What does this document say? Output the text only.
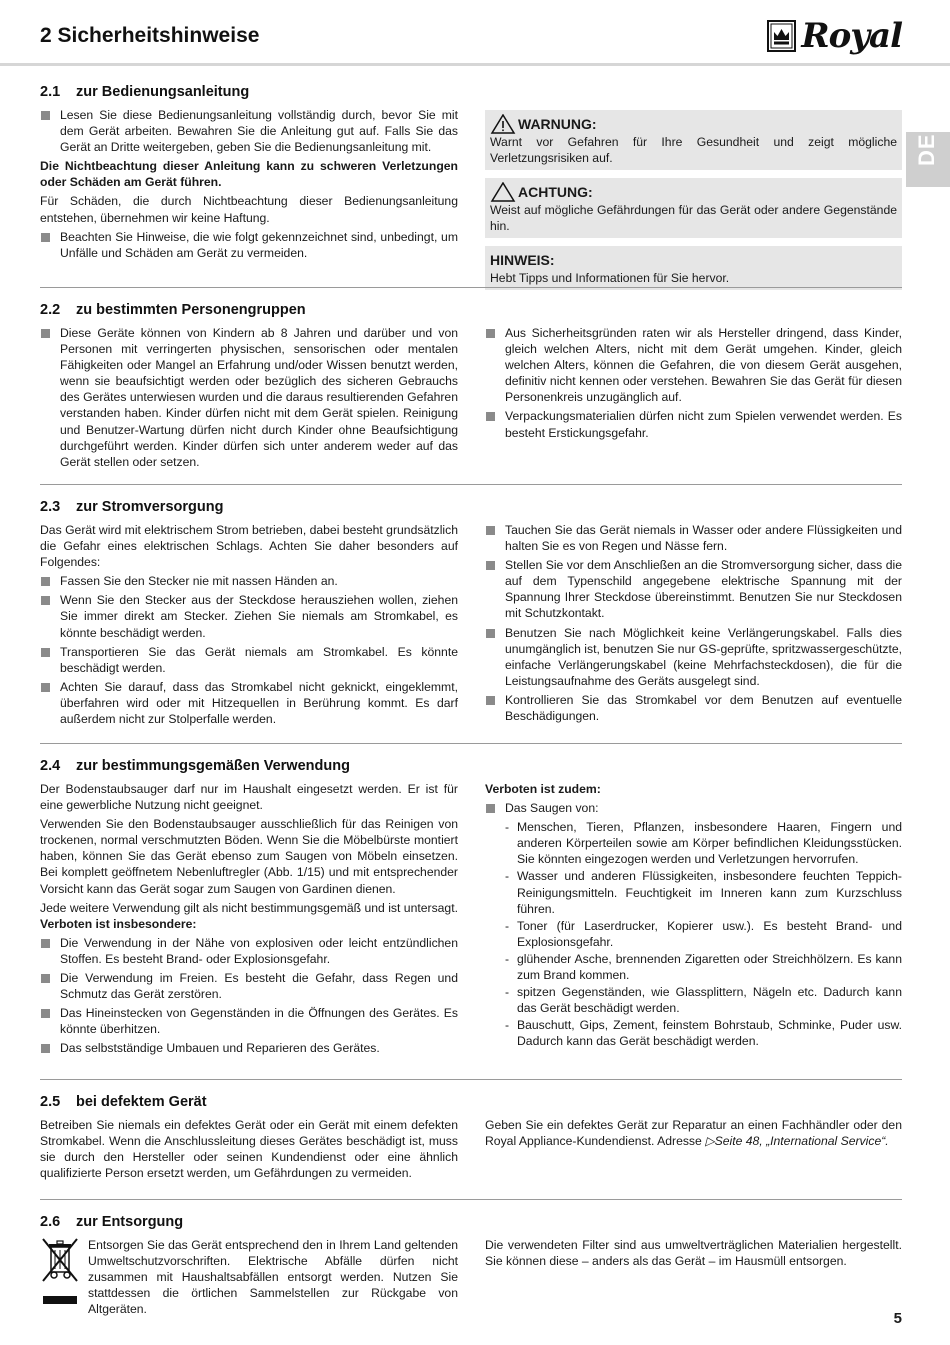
2 Sicherheitshinweise	Royal
DE
2.1 zur Bedienungsanleitung

Lesen Sie diese Bedienungsanleitung vollständig durch, bevor Sie mit dem Gerät arbeiten. Bewahren Sie die Anleitung gut auf. Falls Sie das Gerät an Dritte weitergeben, geben Sie die Bedienungsanleitung mit.

Die Nichtbeachtung dieser Anleitung kann zu schweren Verletzungen oder Schäden am Gerät führen.

Für Schäden, die durch Nichtbeachtung dieser Bedienungsanleitung entstehen, übernehmen wir keine Haftung.

Beachten Sie Hinweise, die wie folgt gekennzeichnet sind, unbedingt, um Unfälle und Schäden am Gerät zu vermeiden.

WARNUNG:

Warnt vor Gefahren für Ihre Gesundheit und zeigt mögliche Verletzungsrisiken auf.

ACHTUNG:

Weist auf mögliche Gefährdungen für das Gerät oder andere Gegenstände hin.

HINWEIS:

Hebt Tipps und Informationen für Sie hervor.

2.2 zu bestimmten Personengruppen

Diese Geräte können von Kindern ab 8 Jahren und darüber und von Personen mit verringerten physischen, sensorischen oder mentalen Fähigkeiten oder Mangel an Erfahrung und/oder Wissen benutzt werden, wenn sie beaufsichtigt werden oder bezüglich des sicheren Gebrauchs des Gerätes unterwiesen wurden und die daraus resultierenden Gefahren verstanden haben. Kinder dürfen nicht mit dem Gerät spielen. Reinigung und Benutzer-Wartung dürfen nicht durch Kinder ohne Beaufsichtigung durchgeführt werden. Kinder dürfen sich unter anderem weder auf das Gerät stellen oder setzen.

Aus Sicherheitsgründen raten wir als Hersteller dringend, dass Kinder, gleich welchen Alters, nicht mit dem Gerät umgehen. Kinder, gleich welchen Alters, können die Gefahren, die von diesem Gerät ausgehen, definitiv nicht kennen oder verstehen. Bewahren Sie das Gerät für diesen Personenkreis unzugänglich auf.

Verpackungsmaterialien dürfen nicht zum Spielen verwendet werden. Es besteht Erstickungsgefahr.

2.3 zur Stromversorgung

Das Gerät wird mit elektrischem Strom betrieben, dabei besteht grundsätzlich die Gefahr eines elektrischen Schlags. Achten Sie daher besonders auf Folgendes:

Fassen Sie den Stecker nie mit nassen Händen an.

Wenn Sie den Stecker aus der Steckdose herausziehen wollen, ziehen Sie immer direkt am Stecker. Ziehen Sie niemals am Stromkabel, es könnte beschädigt werden.

Transportieren Sie das Gerät niemals am Stromkabel. Es könnte beschädigt werden.

Achten Sie darauf, dass das Stromkabel nicht geknickt, eingeklemmt, überfahren wird oder mit Hitzequellen in Berührung kommt. Es darf außerdem nicht zur Stolperfalle werden.

Tauchen Sie das Gerät niemals in Wasser oder andere Flüssigkeiten und halten Sie es von Regen und Nässe fern.

Stellen Sie vor dem Anschließen an die Stromversorgung sicher, dass die auf dem Typenschild angegebene elektrische Spannung mit der Spannung Ihrer Steckdose übereinstimmt. Benutzen Sie nur Steckdosen mit Schutzkontakt.

Benutzen Sie nach Möglichkeit keine Verlängerungskabel. Falls dies unumgänglich ist, benutzen Sie nur GS-geprüfte, spritzwassergeschützte, einfache Verlängerungskabel (keine Mehrfachsteckdosen), die für die Leistungsaufnahme des Geräts ausgelegt sind.

Kontrollieren Sie das Stromkabel vor dem Benutzen auf eventuelle Beschädigungen.

2.4 zur bestimmungsgemäßen Verwendung

Der Bodenstaubsauger darf nur im Haushalt eingesetzt werden. Er ist für eine gewerbliche Nutzung nicht geeignet.

Verwenden Sie den Bodenstaubsauger ausschließlich für das Reinigen von trockenen, normal verschmutzten Böden. Wenn Sie die Möbelbürste montiert haben, können Sie das Gerät ebenso zum Saugen von Möbeln einsetzen. Bei komplett geöffnetem Nebenluftregler (Abb. 1/15) und mit entsprechender Vorsicht kann das Gerät sogar zum Saugen von Gardinen dienen.

Jede weitere Verwendung gilt als nicht bestimmungsgemäß und ist untersagt. Verboten ist insbesondere:

Die Verwendung in der Nähe von explosiven oder leicht entzündlichen Stoffen. Es besteht Brand- oder Explosionsgefahr.

Die Verwendung im Freien. Es besteht die Gefahr, dass Regen und Schmutz das Gerät zerstören.

Das Hineinstecken von Gegenständen in die Öffnungen des Gerätes. Es könnte überhitzen.

Das selbstständige Umbauen und Reparieren des Gerätes.

Verboten ist zudem:

Das Saugen von:

- Menschen, Tieren, Pflanzen, insbesondere Haaren, Fingern und anderen Körperteilen sowie am Körper befindlichen Kleidungsstücken. Sie könnten eingezogen werden und Verletzungen hervorrufen.

- Wasser und anderen Flüssigkeiten, insbesondere feuchten Teppich-Reinigungsmitteln. Feuchtigkeit im Inneren kann zum Kurzschluss führen.

- Toner (für Laserdrucker, Kopierer usw.). Es besteht Brand- und Explosionsgefahr.

- glühender Asche, brennenden Zigaretten oder Streichhölzern. Es kann zum Brand kommen.

- spitzen Gegenständen, wie Glassplittern, Nägeln etc. Dadurch kann das Gerät beschädigt werden.

- Bauschutt, Gips, Zement, feinstem Bohrstaub, Schminke, Puder usw. Dadurch kann das Gerät beschädigt werden.

2.5 bei defektem Gerät

Betreiben Sie niemals ein defektes Gerät oder ein Gerät mit einem defekten Stromkabel. Wenn die Anschlussleitung dieses Gerätes beschädigt ist, muss sie durch den Hersteller oder seinen Kundendienst oder eine ähnlich qualifizierte Person ersetzt werden, um Gefährdungen zu vermeiden.

Geben Sie ein defektes Gerät zur Reparatur an einen Fachhändler oder den Royal Appliance-Kundendienst. Adresse ▷Seite 48, „International Service“.

2.6 zur Entsorgung

Entsorgen Sie das Gerät entsprechend den in Ihrem Land geltenden Umweltschutzvorschriften. Elektrische Abfälle dürfen nicht zusammen mit Haushaltsabfällen entsorgt werden. Nutzen Sie stattdessen die örtlichen Sammelstellen zur Rückgabe von Altgeräten.

Die verwendeten Filter sind aus umweltverträglichen Materialien hergestellt. Sie können diese – anders als das Gerät – im Hausmüll entsorgen.

5
